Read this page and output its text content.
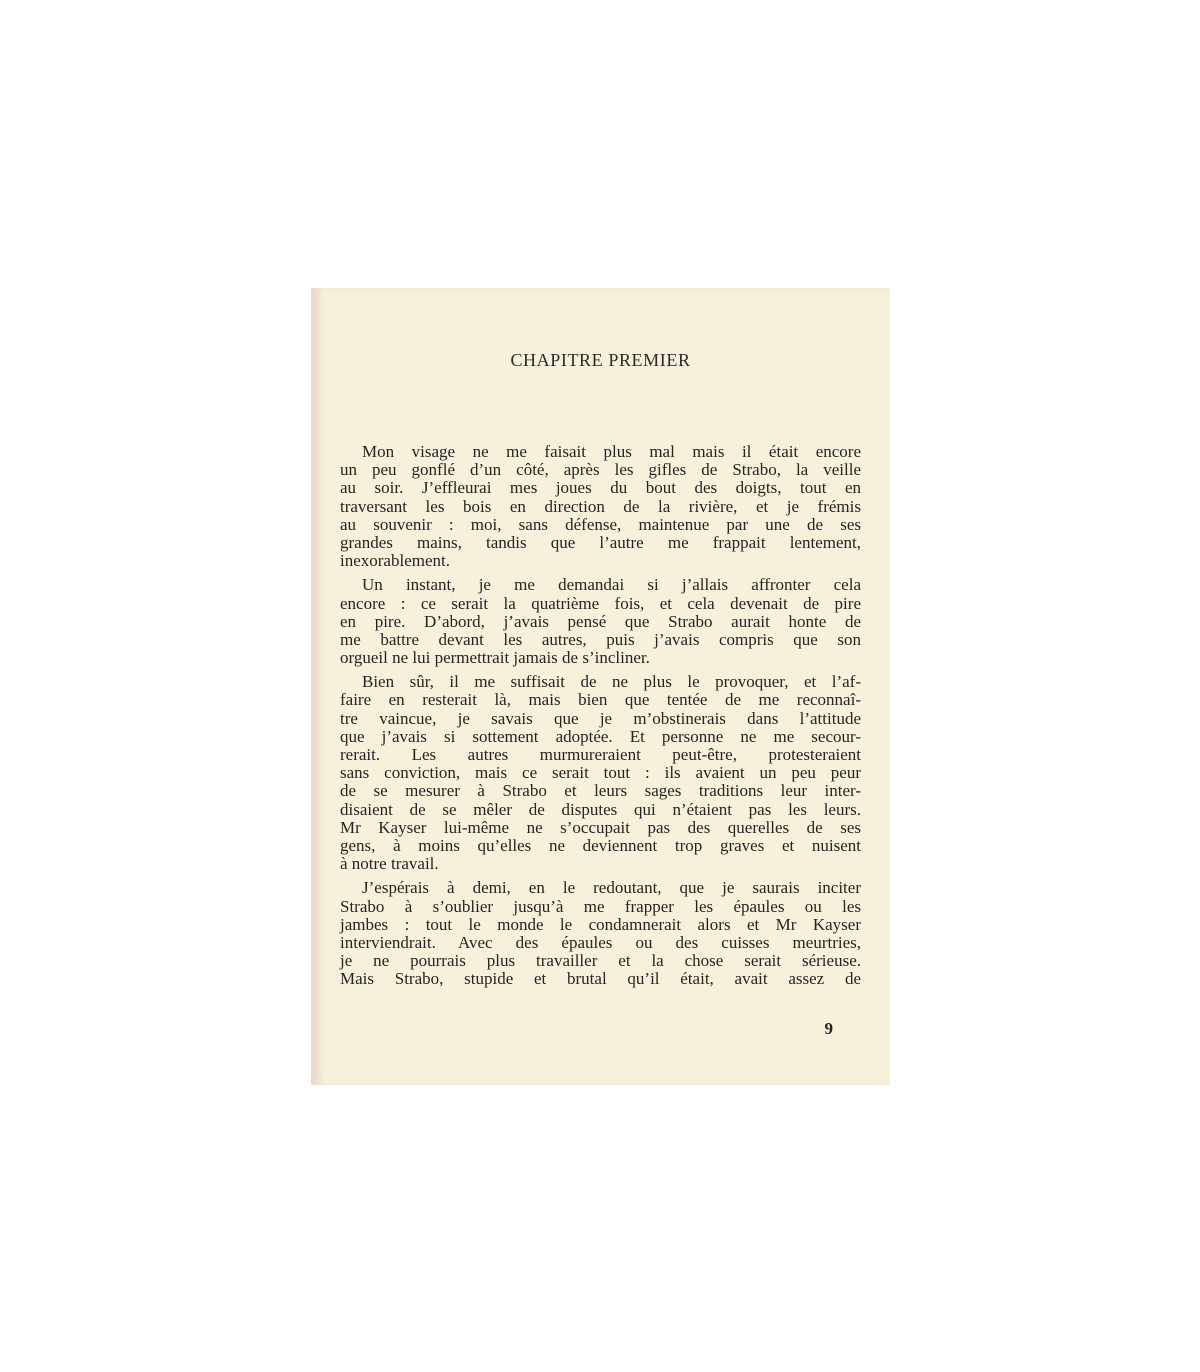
CHAPITRE PREMIER
Mon visage ne me faisait plus mal mais il était encore
un peu gonflé d’un côté, après les gifles de Strabo, la veille
au soir. J’effleurai mes joues du bout des doigts, tout en
traversant les bois en direction de la rivière, et je frémis
au souvenir : moi, sans défense, maintenue par une de ses
grandes mains, tandis que l’autre me frappait lentement,
inexorablement.
Un instant, je me demandai si j’allais affronter cela
encore : ce serait la quatrième fois, et cela devenait de pire
en pire. D’abord, j’avais pensé que Strabo aurait honte de
me battre devant les autres, puis j’avais compris que son
orgueil ne lui permettrait jamais de s’incliner.
Bien sûr, il me suffisait de ne plus le provoquer, et l’af-
faire en resterait là, mais bien que tentée de me reconnaî-
tre vaincue, je savais que je m’obstinerais dans l’attitude
que j’avais si sottement adoptée. Et personne ne me secour-
rerait. Les autres murmureraient peut-être, protesteraient
sans conviction, mais ce serait tout : ils avaient un peu peur
de se mesurer à Strabo et leurs sages traditions leur inter-
disaient de se mêler de disputes qui n’étaient pas les leurs.
Mr Kayser lui-même ne s’occupait pas des querelles de ses
gens, à moins qu’elles ne deviennent trop graves et nuisent
à notre travail.
J’espérais à demi, en le redoutant, que je saurais inciter
Strabo à s’oublier jusqu’à me frapper les épaules ou les
jambes : tout le monde le condamnerait alors et Mr Kayser
interviendrait. Avec des épaules ou des cuisses meurtries,
je ne pourrais plus travailler et la chose serait sérieuse.
Mais Strabo, stupide et brutal qu’il était, avait assez de
9
